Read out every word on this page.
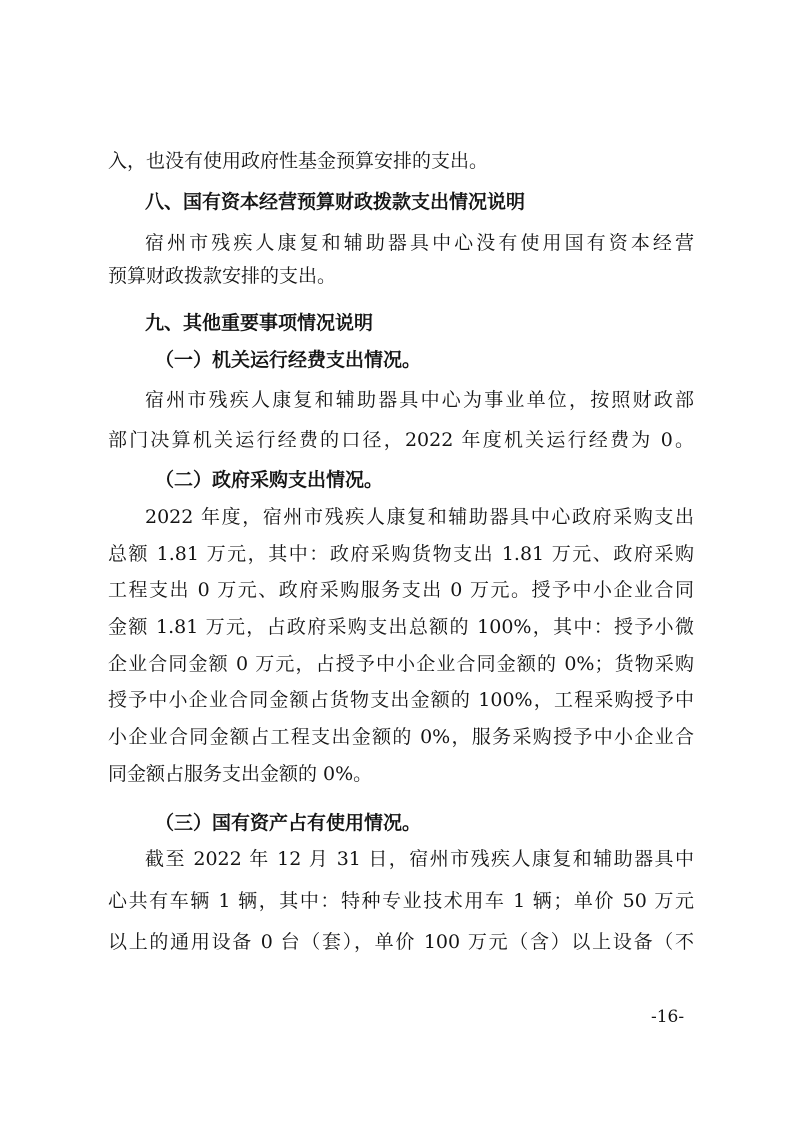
入，也没有使用政府性基金预算安排的支出。
八、国有资本经营预算财政拨款支出情况说明
宿州市残疾人康复和辅助器具中心没有使用国有资本经营
预算财政拨款安排的支出。
九、其他重要事项情况说明
（一）机关运行经费支出情况。
宿州市残疾人康复和辅助器具中心为事业单位，按照财政部
部门决算机关运行经费的口径，2022 年度机关运行经费为 0。
（二）政府采购支出情况。
2022 年度，宿州市残疾人康复和辅助器具中心政府采购支出
总额 1.81 万元，其中：政府采购货物支出 1.81 万元、政府采购
工程支出 0 万元、政府采购服务支出 0 万元。授予中小企业合同
金额 1.81 万元，占政府采购支出总额的 100%，其中：授予小微
企业合同金额 0 万元，占授予中小企业合同金额的 0%；货物采购
授予中小企业合同金额占货物支出金额的 100%，工程采购授予中
小企业合同金额占工程支出金额的 0%，服务采购授予中小企业合
同金额占服务支出金额的 0%。
（三）国有资产占有使用情况。
截至 2022 年 12 月 31 日，宿州市残疾人康复和辅助器具中
心共有车辆 1 辆，其中：特种专业技术用车 1 辆；单价 50 万元
以上的通用设备 0 台（套），单价 100 万元（含）以上设备（不
-16-
